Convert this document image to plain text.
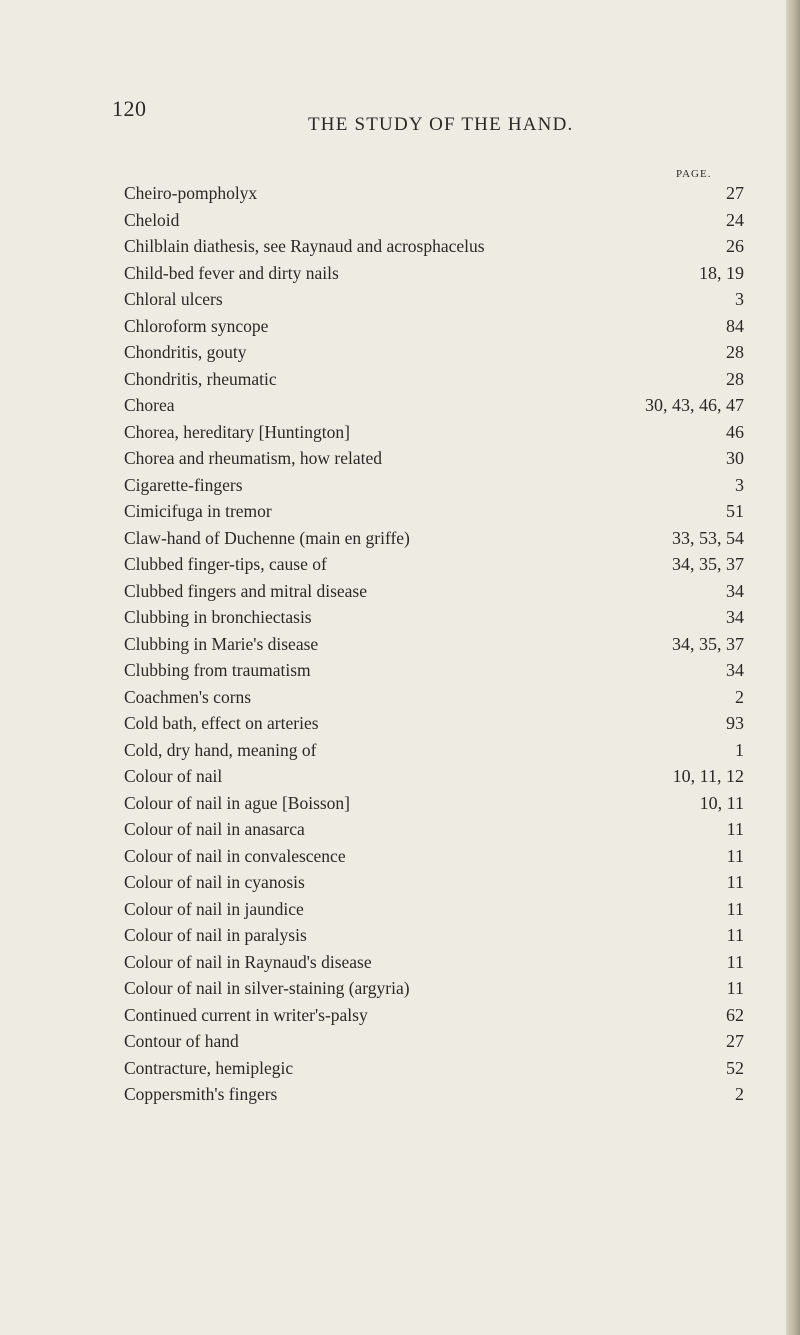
120
THE STUDY OF THE HAND.
PAGE.
Cheiro-pompholyx	27
Cheloid	24
Chilblain diathesis, see Raynaud and acrosphacelus	26
Child-bed fever and dirty nails	18, 19
Chloral ulcers	3
Chloroform syncope	84
Chondritis, gouty	28
Chondritis, rheumatic	28
Chorea	30, 43, 46, 47
Chorea, hereditary [Huntington]	46
Chorea and rheumatism, how related	30
Cigarette-fingers	3
Cimicifuga in tremor	51
Claw-hand of Duchenne (main en griffe)	33, 53, 54
Clubbed finger-tips, cause of	34, 35, 37
Clubbed fingers and mitral disease	34
Clubbing in bronchiectasis	34
Clubbing in Marie's disease	34, 35, 37
Clubbing from traumatism	34
Coachmen's corns	2
Cold bath, effect on arteries	93
Cold, dry hand, meaning of	1
Colour of nail	10, 11, 12
Colour of nail in ague [Boisson]	10, 11
Colour of nail in anasarca	11
Colour of nail in convalescence	11
Colour of nail in cyanosis	11
Colour of nail in jaundice	11
Colour of nail in paralysis	11
Colour of nail in Raynaud's disease	11
Colour of nail in silver-staining (argyria)	11
Continued current in writer's-palsy	62
Contour of hand	27
Contracture, hemiplegic	52
Coppersmith's fingers	2
